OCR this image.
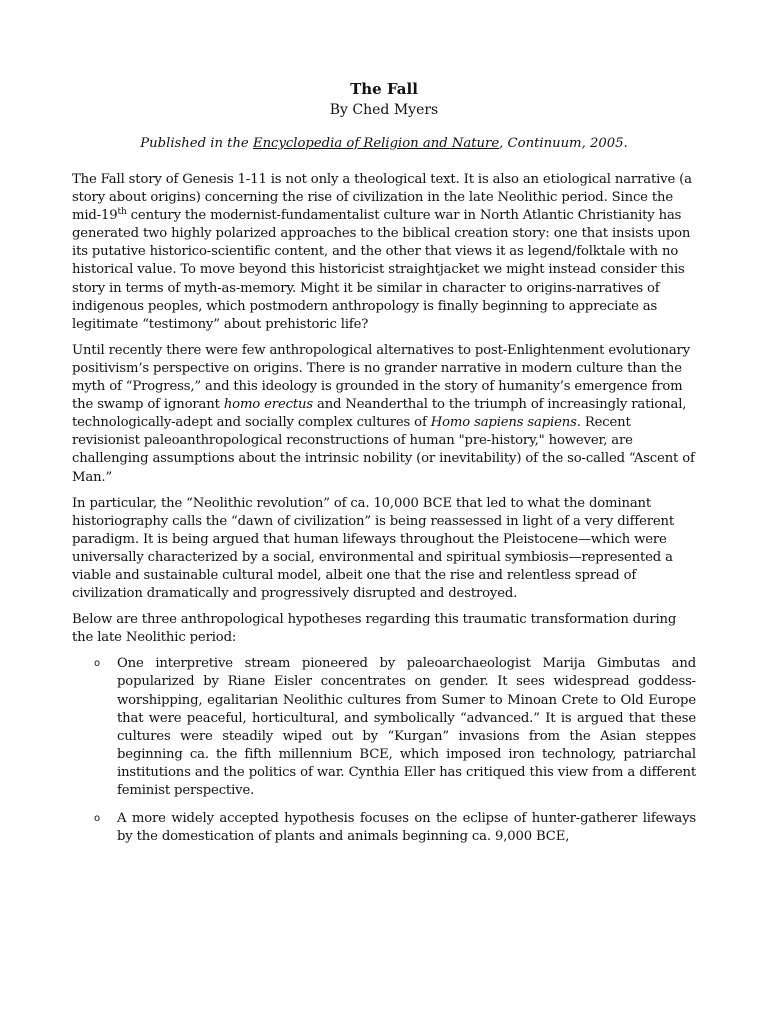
The Fall

By Ched Myers

Published in the Encyclopedia of Religion and Nature, Continuum, 2005.

The Fall story of Genesis 1-11 is not only a theological text. It is also an etiological narrative (a story about origins) concerning the rise of civilization in the late Neolithic period. Since the mid-19th century the modernist-fundamentalist culture war in North Atlantic Christianity has generated two highly polarized approaches to the biblical creation story: one that insists upon its putative historico-scientific content, and the other that views it as legend/folktale with no historical value. To move beyond this historicist straightjacket we might instead consider this story in terms of myth-as-memory. Might it be similar in character to origins-narratives of indigenous peoples, which postmodern anthropology is finally beginning to appreciate as legitimate “testimony” about prehistoric life?

Until recently there were few anthropological alternatives to post-Enlightenment evolutionary positivism’s perspective on origins. There is no grander narrative in modern culture than the myth of “Progress,” and this ideology is grounded in the story of humanity’s emergence from the swamp of ignorant homo erectus and Neanderthal to the triumph of increasingly rational, technologically-adept and socially complex cultures of Homo sapiens sapiens. Recent revisionist paleoanthropological reconstructions of human "pre-history," however, are challenging assumptions about the intrinsic nobility (or inevitability) of the so-called “Ascent of Man.”

In particular, the “Neolithic revolution” of ca. 10,000 BCE that led to what the dominant historiography calls the “dawn of civilization” is being reassessed in light of a very different paradigm. It is being argued that human lifeways throughout the Pleistocene—which were universally characterized by a social, environmental and spiritual symbiosis—represented a viable and sustainable cultural model, albeit one that the rise and relentless spread of civilization dramatically and progressively disrupted and destroyed.

Below are three anthropological hypotheses regarding this traumatic transformation during the late Neolithic period:

o One interpretive stream pioneered by paleoarchaeologist Marija Gimbutas and popularized by Riane Eisler concentrates on gender. It sees widespread goddess-worshipping, egalitarian Neolithic cultures from Sumer to Minoan Crete to Old Europe that were peaceful, horticultural, and symbolically “advanced.” It is argued that these cultures were steadily wiped out by “Kurgan” invasions from the Asian steppes beginning ca. the fifth millennium BCE, which imposed iron technology, patriarchal institutions and the politics of war. Cynthia Eller has critiqued this view from a different feminist perspective.
o A more widely accepted hypothesis focuses on the eclipse of hunter-gatherer lifeways by the domestication of plants and animals beginning ca. 9,000 BCE,
